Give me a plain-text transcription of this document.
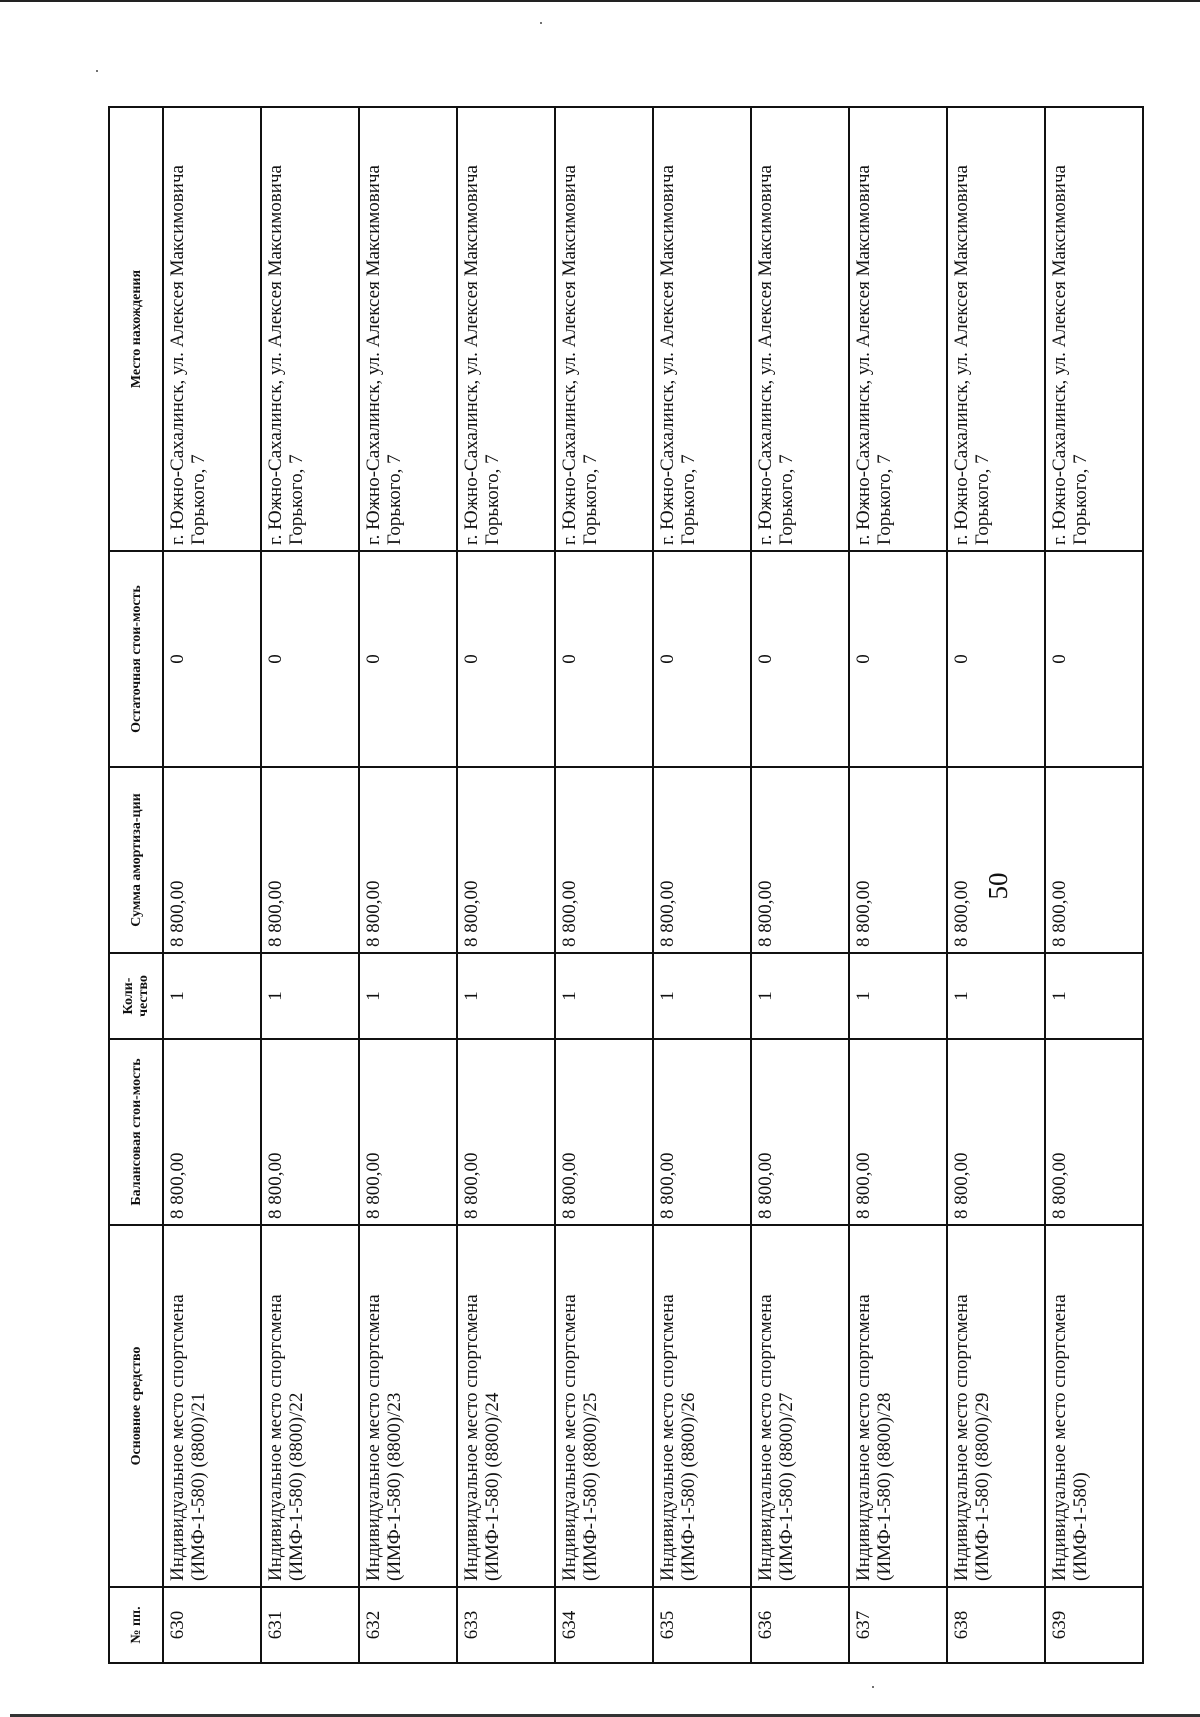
50
№ пп.	Основное средство	Балансовая стои-мость	Коли-чество	Сумма амортиза-ции	Остаточная стои-мость	Место нахождения
630	Индивидуальное место спортсмена (ИМФ-1-580) (8800)/21	8 800,00	1	8 800,00	0	г. Южно-Сахалинск, ул. Алексея Максимовича Горького, 7
631	Индивидуальное место спортсмена (ИМФ-1-580) (8800)/22	8 800,00	1	8 800,00	0	г. Южно-Сахалинск, ул. Алексея Максимовича Горького, 7
632	Индивидуальное место спортсмена (ИМФ-1-580) (8800)/23	8 800,00	1	8 800,00	0	г. Южно-Сахалинск, ул. Алексея Максимовича Горького, 7
633	Индивидуальное место спортсмена (ИМФ-1-580) (8800)/24	8 800,00	1	8 800,00	0	г. Южно-Сахалинск, ул. Алексея Максимовича Горького, 7
634	Индивидуальное место спортсмена (ИМФ-1-580) (8800)/25	8 800,00	1	8 800,00	0	г. Южно-Сахалинск, ул. Алексея Максимовича Горького, 7
635	Индивидуальное место спортсмена (ИМФ-1-580) (8800)/26	8 800,00	1	8 800,00	0	г. Южно-Сахалинск, ул. Алексея Максимовича Горького, 7
636	Индивидуальное место спортсмена (ИМФ-1-580) (8800)/27	8 800,00	1	8 800,00	0	г. Южно-Сахалинск, ул. Алексея Максимовича Горького, 7
637	Индивидуальное место спортсмена (ИМФ-1-580) (8800)/28	8 800,00	1	8 800,00	0	г. Южно-Сахалинск, ул. Алексея Максимовича Горького, 7
638	Индивидуальное место спортсмена (ИМФ-1-580) (8800)/29	8 800,00	1	8 800,00	0	г. Южно-Сахалинск, ул. Алексея Максимовича Горького, 7
639	Индивидуальное место спортсмена (ИМФ-1-580)	8 800,00	1	8 800,00	0	г. Южно-Сахалинск, ул. Алексея Максимовича Горького, 7
